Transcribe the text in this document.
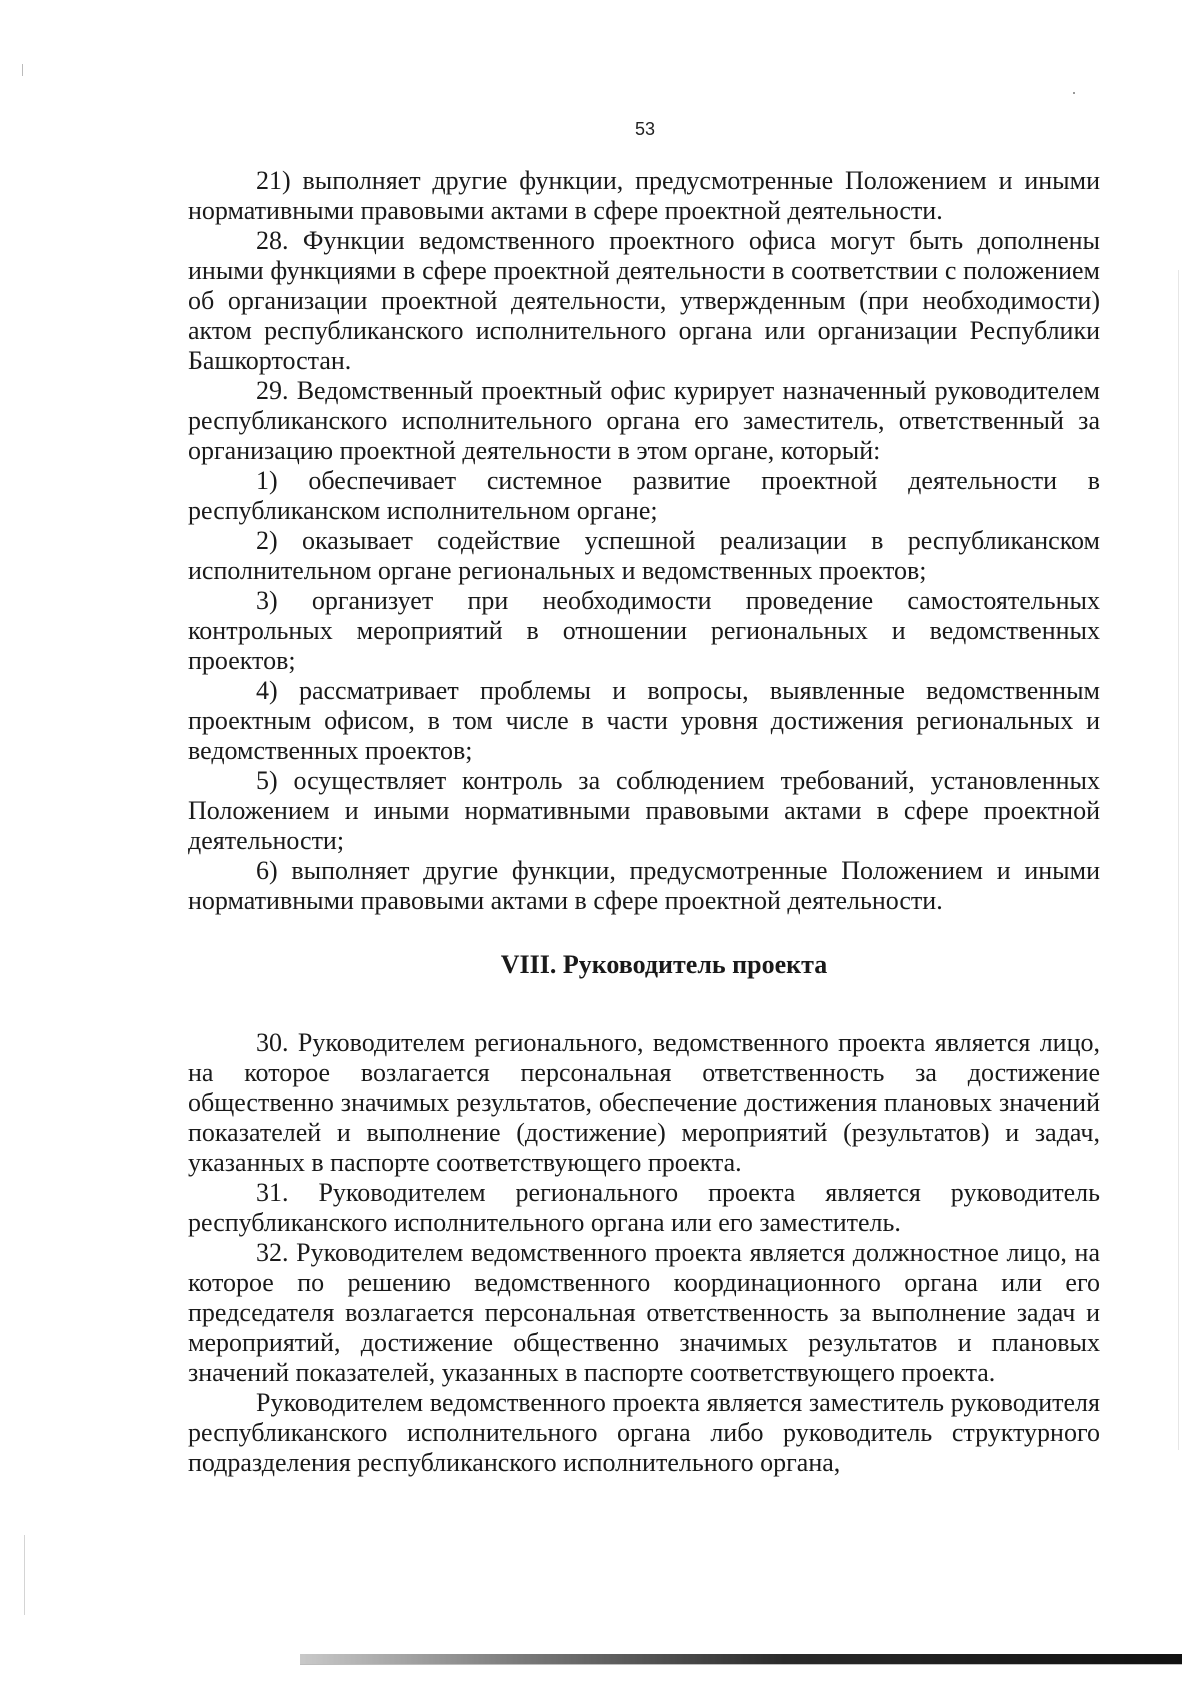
53

21) выполняет другие функции, предусмотренные Положением и иными нормативными правовыми актами в сфере проектной деятельности.

28. Функции ведомственного проектного офиса могут быть дополнены иными функциями в сфере проектной деятельности в соответствии с положением об организации проектной деятельности, утвержденным (при необходимости) актом республиканского исполнительного органа или организации Республики Башкортостан.

29. Ведомственный проектный офис курирует назначенный руководителем республиканского исполнительного органа его заместитель, ответственный за организацию проектной деятельности в этом органе, который:

1) обеспечивает системное развитие проектной деятельности в республиканском исполнительном органе;

2) оказывает содействие успешной реализации в республиканском исполнительном органе региональных и ведомственных проектов;

3) организует при необходимости проведение самостоятельных контрольных мероприятий в отношении региональных и ведомственных проектов;

4) рассматривает проблемы и вопросы, выявленные ведомственным проектным офисом, в том числе в части уровня достижения региональных и ведомственных проектов;

5) осуществляет контроль за соблюдением требований, установленных Положением и иными нормативными правовыми актами в сфере проектной деятельности;

6) выполняет другие функции, предусмотренные Положением и иными нормативными правовыми актами в сфере проектной деятельности.

VIII. Руководитель проекта

30. Руководителем регионального, ведомственного проекта является лицо, на которое возлагается персональная ответственность за достижение общественно значимых результатов, обеспечение достижения плановых значений показателей и выполнение (достижение) мероприятий (результатов) и задач, указанных в паспорте соответствующего проекта.

31. Руководителем регионального проекта является руководитель республиканского исполнительного органа или его заместитель.

32. Руководителем ведомственного проекта является должностное лицо, на которое по решению ведомственного координационного органа или его председателя возлагается персональная ответственность за выполнение задач и мероприятий, достижение общественно значимых результатов и плановых значений показателей, указанных в паспорте соответствующего проекта.

Руководителем ведомственного проекта является заместитель руководителя республиканского исполнительного органа либо руководитель структурного подразделения республиканского исполнительного органа,
